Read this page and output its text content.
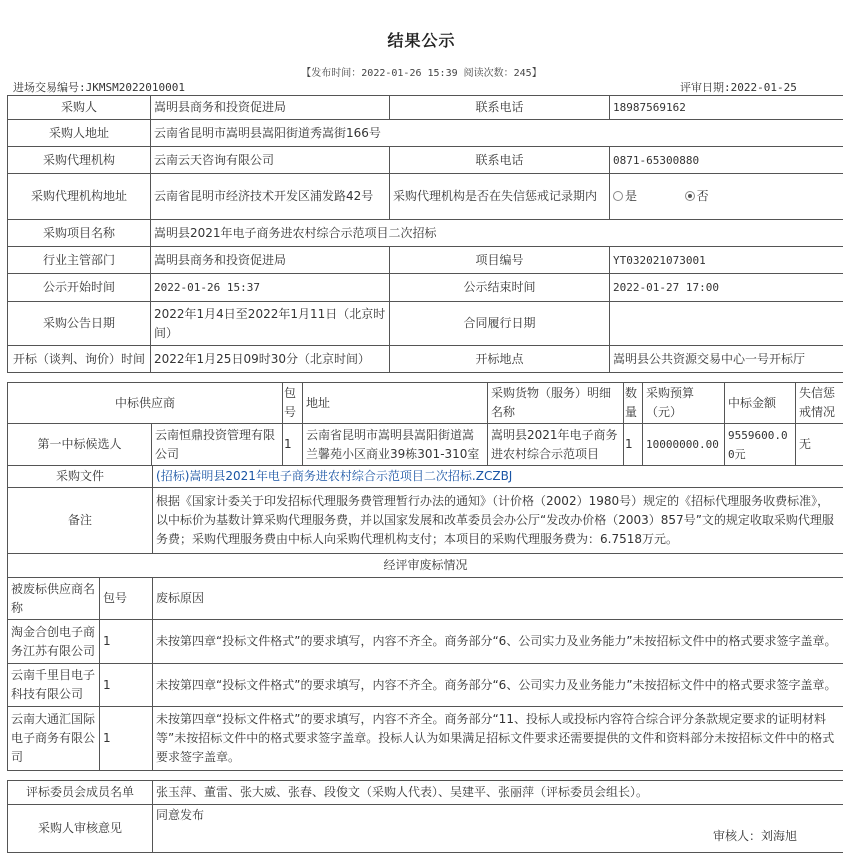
结果公示
【发布时间：2022-01-26 15:39 阅读次数：245】
进场交易编号:JKMSM2022010001	评审日期:2022-01-25
采购人	嵩明县商务和投资促进局	联系电话	18987569162
采购人地址	云南省昆明市嵩明县嵩阳街道秀嵩街166号		
采购代理机构	云南云天咨询有限公司	联系电话	0871-65300880
采购代理机构地址	云南省昆明市经济技术开发区浦发路42号	采购代理机构是否在失信惩戒记录期内	是 否
采购项目名称	嵩明县2021年电子商务进农村综合示范项目二次招标		
行业主管部门	嵩明县商务和投资促进局	项目编号	YT032021073001
公示开始时间	2022-01-26 15:37	公示结束时间	2022-01-27 17:00
采购公告日期	2022年1月4日至2022年1月11日（北京时间）	合同履行日期	
开标（谈判、询价）时间	2022年1月25日09时30分（北京时间）	开标地点	嵩明县公共资源交易中心一号开标厅
中标供应商		包号	地址	采购货物（服务）明细名称	数量	采购预算（元）	中标金额	失信惩戒情况
第一中标候选人	云南恒鼎投资管理有限公司	1	云南省昆明市嵩明县嵩阳街道嵩兰馨苑小区商业39栋301-310室	嵩明县2021年电子商务进农村综合示范项目	1	10000000.00	9559600.00元	无
采购文件		(招标)嵩明县2021年电子商务进农村综合示范项目二次招标.ZCZBJ
备注		根据《国家计委关于印发招标代理服务费管理暂行办法的通知》（计价格（2002）1980号）规定的《招标代理服务收费标准》，以中标价为基数计算采购代理服务费，并以国家发展和改革委员会办公厅“发改办价格（2003）857号”文的规定收取采购代理服务费；采购代理服务费由中标人向采购代理机构支付；本项目的采购代理服务费为：6.7518万元。
经评审废标情况		
被废标供应商名称	包号	废标原因
淘金合创电子商务江苏有限公司	1	未按第四章“投标文件格式”的要求填写，内容不齐全。商务部分“6、公司实力及业务能力”未按招标文件中的格式要求签字盖章。
云南千里目电子科技有限公司	1	未按第四章“投标文件格式”的要求填写，内容不齐全。商务部分“6、公司实力及业务能力”未按招标文件中的格式要求签字盖章。
云南大通汇国际电子商务有限公司	1	未按第四章“投标文件格式”的要求填写，内容不齐全。商务部分“11、投标人或投标内容符合综合评分条款规定要求的证明材料等”未按招标文件中的格式要求签字盖章。投标人认为如果满足招标文件要求还需要提供的文件和资料部分未按招标文件中的格式要求签字盖章。
评标委员会成员名单	张玉萍、董雷、张大威、张春、段俊文（采购人代表）、吴建平、张丽萍（评标委员会组长）。
采购人审核意见	同意发布
审核人：刘海旭
